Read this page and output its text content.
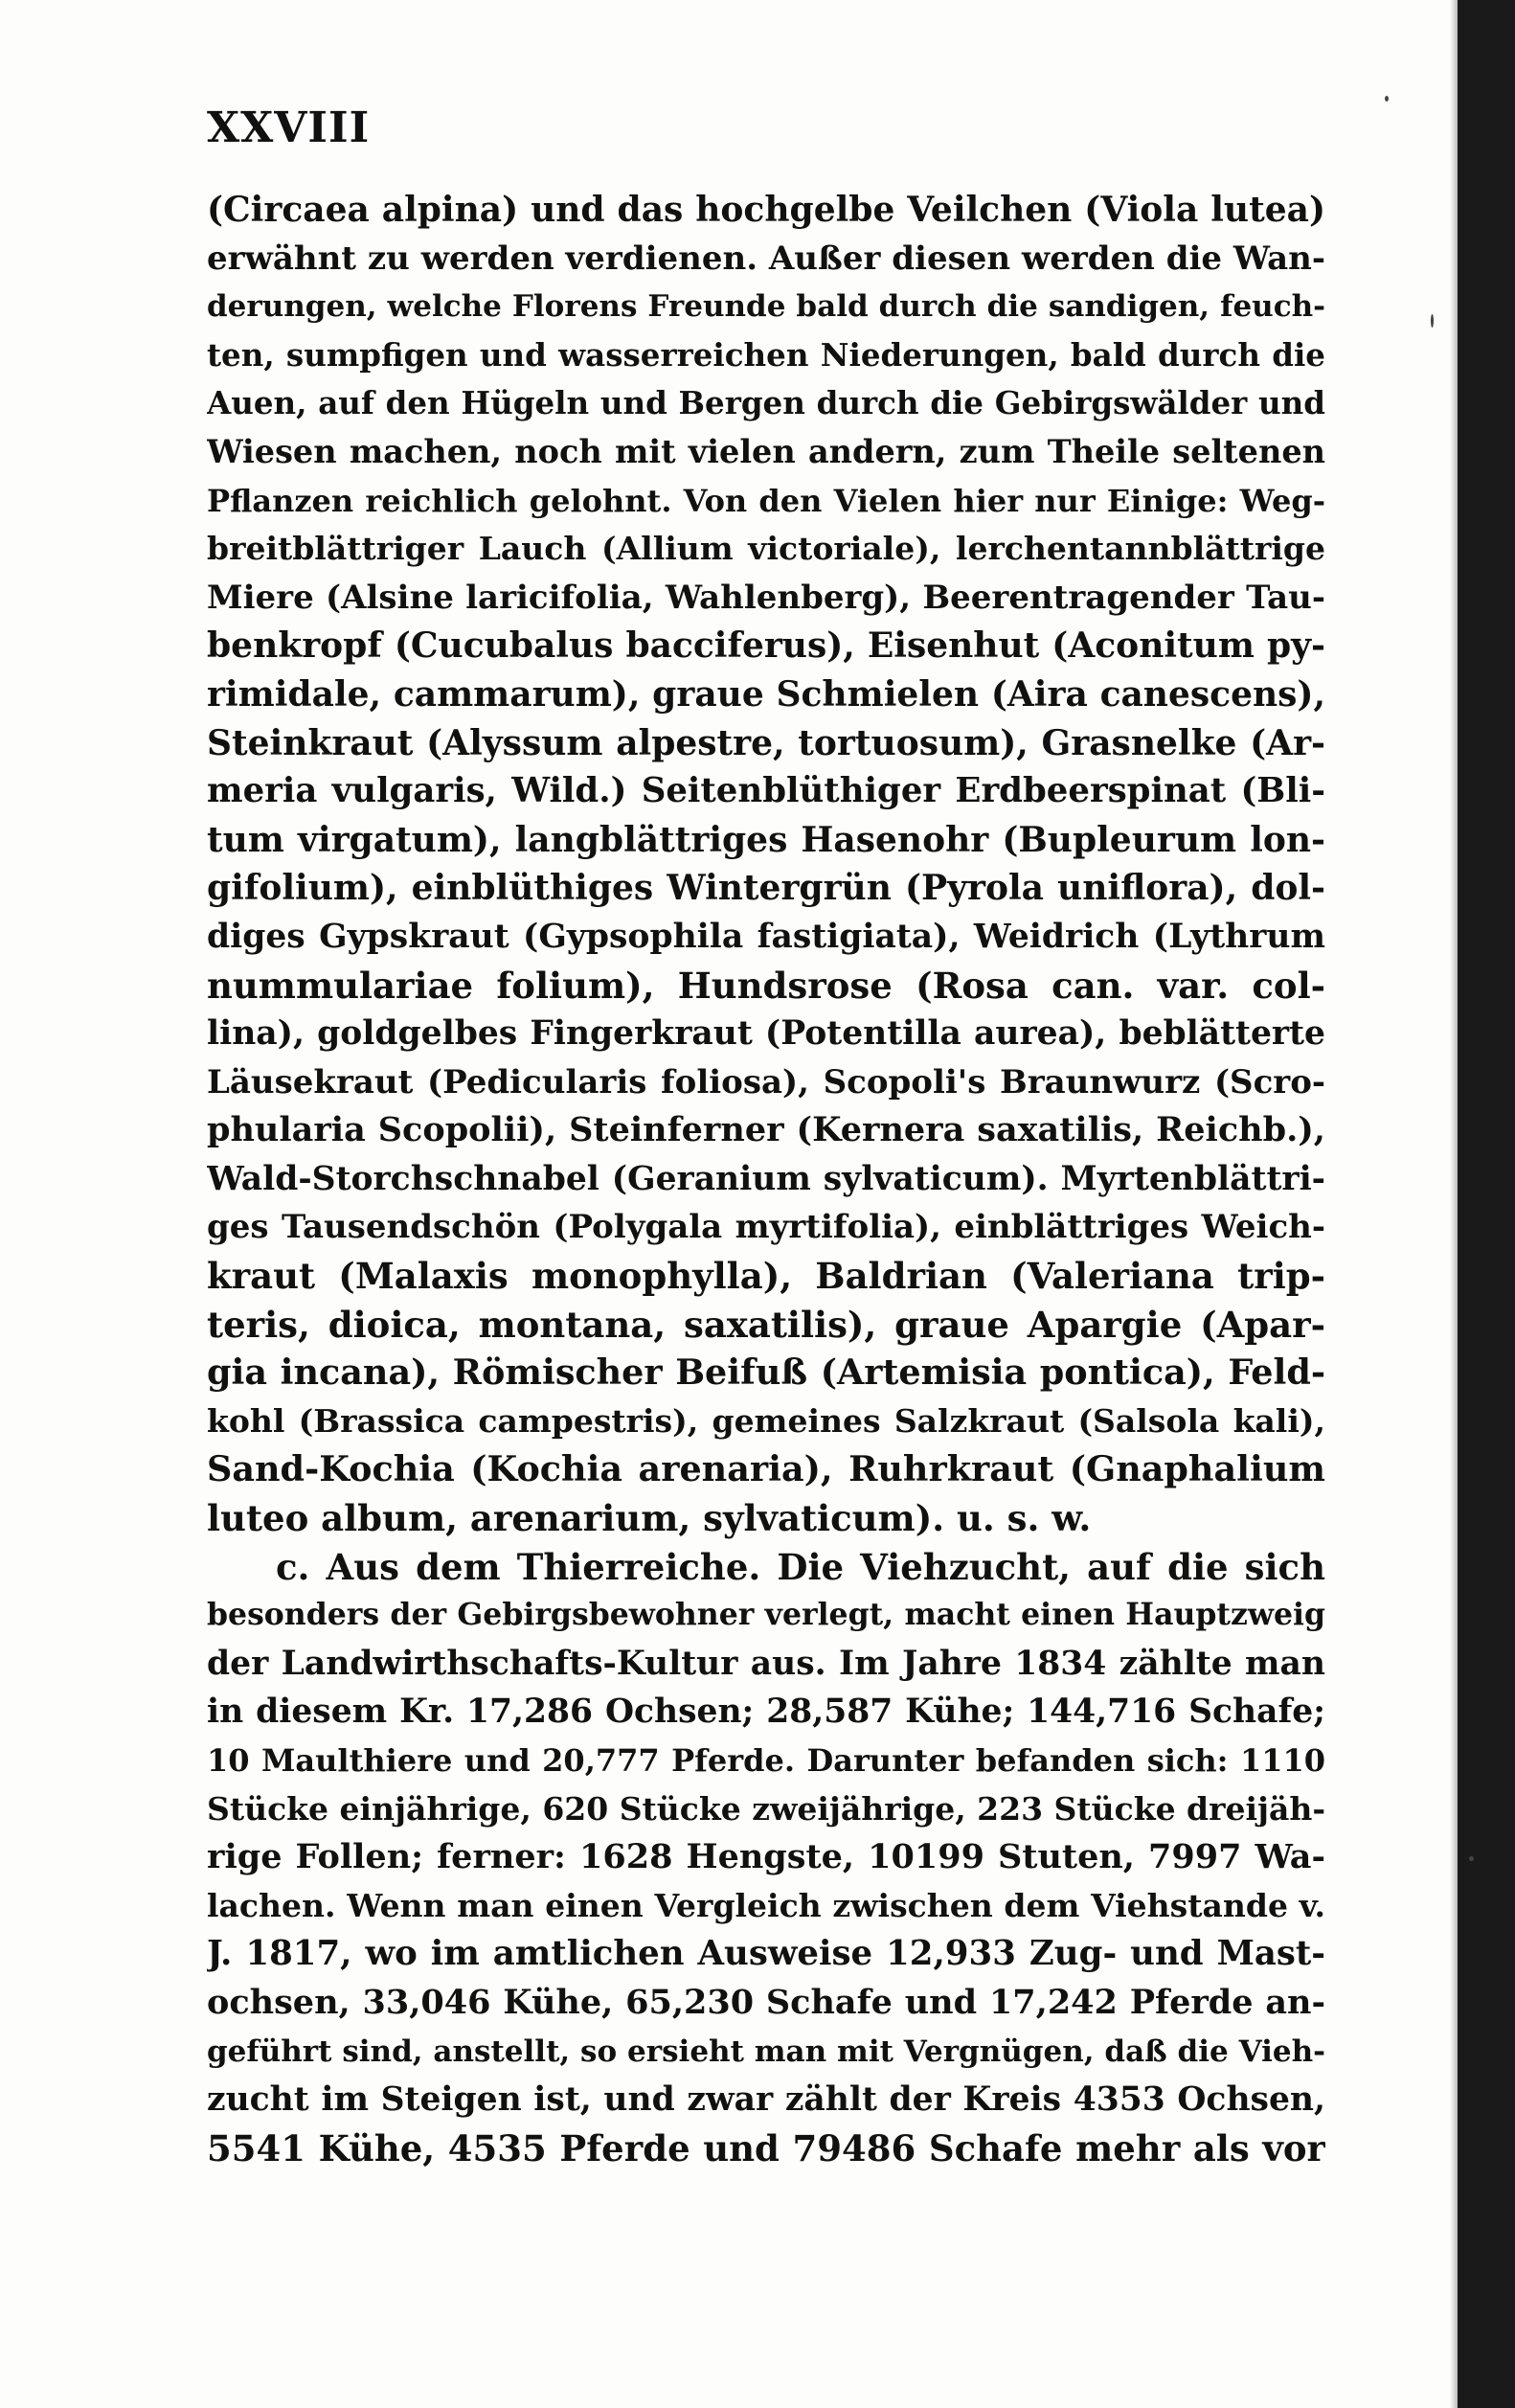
XXVIII
(Circaea alpina) und das hochgelbe Veilchen (Viola lutea)
erwähnt zu werden verdienen. Außer diesen werden die Wan-
derungen, welche Florens Freunde bald durch die sandigen, feuch-
ten, sumpfigen und wasserreichen Niederungen, bald durch die
Auen, auf den Hügeln und Bergen durch die Gebirgswälder und
Wiesen machen, noch mit vielen andern, zum Theile seltenen
Pflanzen reichlich gelohnt. Von den Vielen hier nur Einige: Weg-
breitblättriger Lauch (Allium victoriale), lerchentannblättrige
Miere (Alsine laricifolia, Wahlenberg), Beerentragender Tau-
benkropf (Cucubalus bacciferus), Eisenhut (Aconitum py-
rimidale, cammarum), graue Schmielen (Aira canescens),
Steinkraut (Alyssum alpestre, tortuosum), Grasnelke (Ar-
meria vulgaris, Wild.) Seitenblüthiger Erdbeerspinat (Bli-
tum virgatum), langblättriges Hasenohr (Bupleurum lon-
gifolium), einblüthiges Wintergrün (Pyrola uniflora), dol-
diges Gypskraut (Gypsophila fastigiata), Weidrich (Lythrum
nummulariae folium), Hundsrose (Rosa can. var. col-
lina), goldgelbes Fingerkraut (Potentilla aurea), beblätterte
Läusekraut (Pedicularis foliosa), Scopoli's Braunwurz (Scro-
phularia Scopolii), Steinferner (Kernera saxatilis, Reichb.),
Wald-Storchschnabel (Geranium sylvaticum). Myrtenblättri-
ges Tausendschön (Polygala myrtifolia), einblättriges Weich-
kraut (Malaxis monophylla), Baldrian (Valeriana trip-
teris, dioica, montana, saxatilis), graue Apargie (Apar-
gia incana), Römischer Beifuß (Artemisia pontica), Feld-
kohl (Brassica campestris), gemeines Salzkraut (Salsola kali),
Sand-Kochia (Kochia arenaria), Ruhrkraut (Gnaphalium
luteo album, arenarium, sylvaticum). u. s. w.
c. Aus dem Thierreiche. Die Viehzucht, auf die sich
besonders der Gebirgsbewohner verlegt, macht einen Hauptzweig
der Landwirthschafts-Kultur aus. Im Jahre 1834 zählte man
in diesem Kr. 17,286 Ochsen; 28,587 Kühe; 144,716 Schafe;
10 Maulthiere und 20,777 Pferde. Darunter befanden sich: 1110
Stücke einjährige, 620 Stücke zweijährige, 223 Stücke dreijäh-
rige Follen; ferner: 1628 Hengste, 10199 Stuten, 7997 Wa-
lachen. Wenn man einen Vergleich zwischen dem Viehstande v.
J. 1817, wo im amtlichen Ausweise 12,933 Zug- und Mast-
ochsen, 33,046 Kühe, 65,230 Schafe und 17,242 Pferde an-
geführt sind, anstellt, so ersieht man mit Vergnügen, daß die Vieh-
zucht im Steigen ist, und zwar zählt der Kreis 4353 Ochsen,
5541 Kühe, 4535 Pferde und 79486 Schafe mehr als vor
